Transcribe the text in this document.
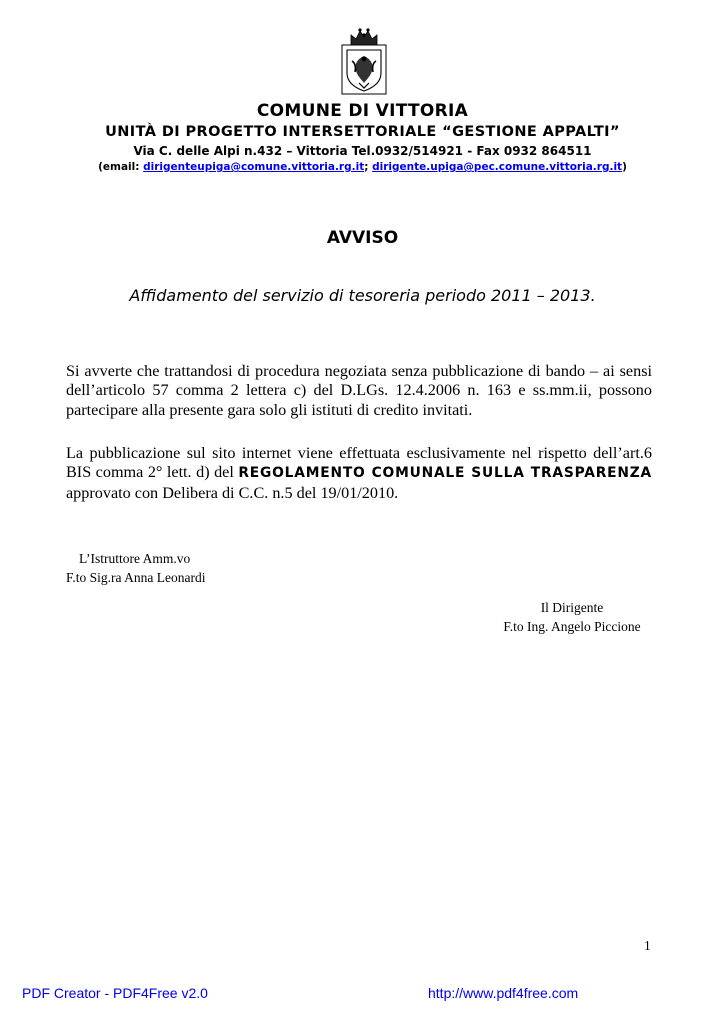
COMUNE DI VITTORIA
UNITÀ DI PROGETTO INTERSETTORIALE “GESTIONE APPALTI”
Via C. delle Alpi n.432 – Vittoria Tel.0932/514921 - Fax 0932 864511
(email: dirigenteupiga@comune.vittoria.rg.it; dirigente.upiga@pec.comune.vittoria.rg.it)
AVVISO
Affidamento del servizio di tesoreria periodo 2011 – 2013.
Si avverte che trattandosi di procedura negoziata senza pubblicazione di bando – ai sensi dell’articolo 57 comma 2 lettera c) del D.LGs. 12.4.2006 n. 163 e ss.mm.ii, possono partecipare alla presente gara solo gli istituti di credito invitati.
La pubblicazione sul sito internet viene effettuata esclusivamente nel rispetto dell’art.6 BIS comma 2° lett. d) del REGOLAMENTO COMUNALE SULLA TRASPARENZA approvato con Delibera di C.C. n.5 del 19/01/2010.
L’Istruttore Amm.vo
F.to Sig.ra Anna Leonardi
Il Dirigente
F.to Ing. Angelo Piccione
1
PDF Creator - PDF4Free v2.0	http://www.pdf4free.com
